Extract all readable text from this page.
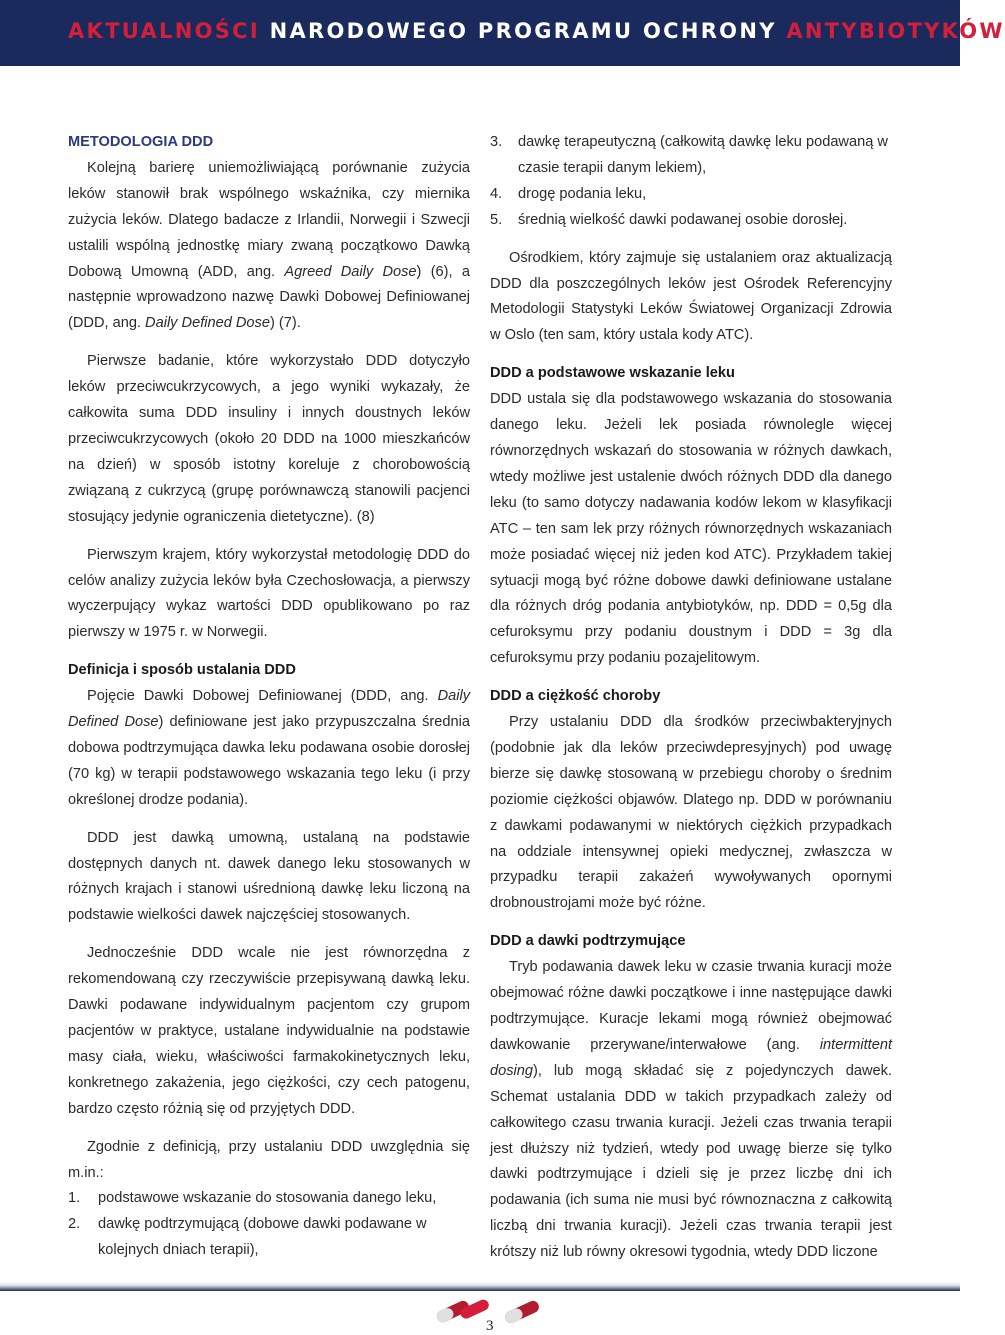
AKTUALNOŚCI NARODOWEGO PROGRAMU OCHRONY ANTYBIOTYKÓW

METODOLOGIA DDD

Kolejną barierę uniemożliwiającą porównanie zużycia leków stanowił brak wspólnego wskaźnika, czy miernika zużycia leków. Dlatego badacze z Irlandii, Norwegii i Szwecji ustalili wspólną jednostkę miary zwaną początkowo Dawką Dobową Umowną (ADD, ang. Agreed Daily Dose) (6), a następnie wprowadzono nazwę Dawki Dobowej Definiowanej (DDD, ang. Daily Defined Dose) (7).

Pierwsze badanie, które wykorzystało DDD dotyczyło leków przeciwcukrzycowych, a jego wyniki wykazały, że całkowita suma DDD insuliny i innych doustnych leków przeciwcukrzycowych (około 20 DDD na 1000 mieszkańców na dzień) w sposób istotny koreluje z chorobowością związaną z cukrzycą (grupę porównawczą stanowili pacjenci stosujący jedynie ograniczenia dietetyczne). (8)

Pierwszym krajem, który wykorzystał metodologię DDD do celów analizy zużycia leków była Czechosłowacja, a pierwszy wyczerpujący wykaz wartości DDD opublikowano po raz pierwszy w 1975 r. w Norwegii.

Definicja i sposób ustalania DDD

Pojęcie Dawki Dobowej Definiowanej (DDD, ang. Daily Defined Dose) definiowane jest jako przypuszczalna średnia dobowa podtrzymująca dawka leku podawana osobie dorosłej (70 kg) w terapii podstawowego wskazania tego leku (i przy określonej drodze podania).

DDD jest dawką umowną, ustalaną na podstawie dostępnych danych nt. dawek danego leku stosowanych w różnych krajach i stanowi uśrednioną dawkę leku liczoną na podstawie wielkości dawek najczęściej stosowanych.

Jednocześnie DDD wcale nie jest równorzędna z rekomendowaną czy rzeczywiście przepisywaną dawką leku. Dawki podawane indywidualnym pacjentom czy grupom pacjentów w praktyce, ustalane indywidualnie na podstawie masy ciała, wieku, właściwości farmakokinetycznych leku, konkretnego zakażenia, jego ciężkości, czy cech patogenu, bardzo często różnią się od przyjętych DDD.

Zgodnie z definicją, przy ustalaniu DDD uwzględnia się m.in.:

1. podstawowe wskazanie do stosowania danego leku,
2. dawkę podtrzymującą (dobowe dawki podawane w kolejnych dniach terapii),
3. dawkę terapeutyczną (całkowitą dawkę leku podawaną w czasie terapii danym lekiem),
4. drogę podania leku,
5. średnią wielkość dawki podawanej osobie dorosłej.

Ośrodkiem, który zajmuje się ustalaniem oraz aktualizacją DDD dla poszczególnych leków jest Ośrodek Referencyjny Metodologii Statystyki Leków Światowej Organizacji Zdrowia w Oslo (ten sam, który ustala kody ATC).

DDD a podstawowe wskazanie leku

DDD ustala się dla podstawowego wskazania do stosowania danego leku. Jeżeli lek posiada równolegle więcej równorzędnych wskazań do stosowania w różnych dawkach, wtedy możliwe jest ustalenie dwóch różnych DDD dla danego leku (to samo dotyczy nadawania kodów lekom w klasyfikacji ATC – ten sam lek przy różnych równorzędnych wskazaniach może posiadać więcej niż jeden kod ATC). Przykładem takiej sytuacji mogą być różne dobowe dawki definiowane ustalane dla różnych dróg podania antybiotyków, np. DDD = 0,5g dla cefuroksymu przy podaniu doustnym i DDD = 3g dla cefuroksymu przy podaniu pozajelitowym.

DDD a ciężkość choroby

Przy ustalaniu DDD dla środków przeciwbakteryjnych (podobnie jak dla leków przeciwdepresyjnych) pod uwagę bierze się dawkę stosowaną w przebiegu choroby o średnim poziomie ciężkości objawów. Dlatego np. DDD w porównaniu z dawkami podawanymi w niektórych ciężkich przypadkach na oddziale intensywnej opieki medycznej, zwłaszcza w przypadku terapii zakażeń wywoływanych opornymi drobnoustrojami może być różne.

DDD a dawki podtrzymujące

Tryb podawania dawek leku w czasie trwania kuracji może obejmować różne dawki początkowe i inne następujące dawki podtrzymujące. Kuracje lekami mogą również obejmować dawkowanie przerywane/interwałowe (ang. intermittent dosing), lub mogą składać się z pojedynczych dawek. Schemat ustalania DDD w takich przypadkach zależy od całkowitego czasu trwania kuracji. Jeżeli czas trwania terapii jest dłuższy niż tydzień, wtedy pod uwagę bierze się tylko dawki podtrzymujące i dzieli się je przez liczbę dni ich podawania (ich suma nie musi być równoznaczna z całkowitą liczbą dni trwania kuracji). Jeżeli czas trwania terapii jest krótszy niż lub równy okresowi tygodnia, wtedy DDD liczone

3
